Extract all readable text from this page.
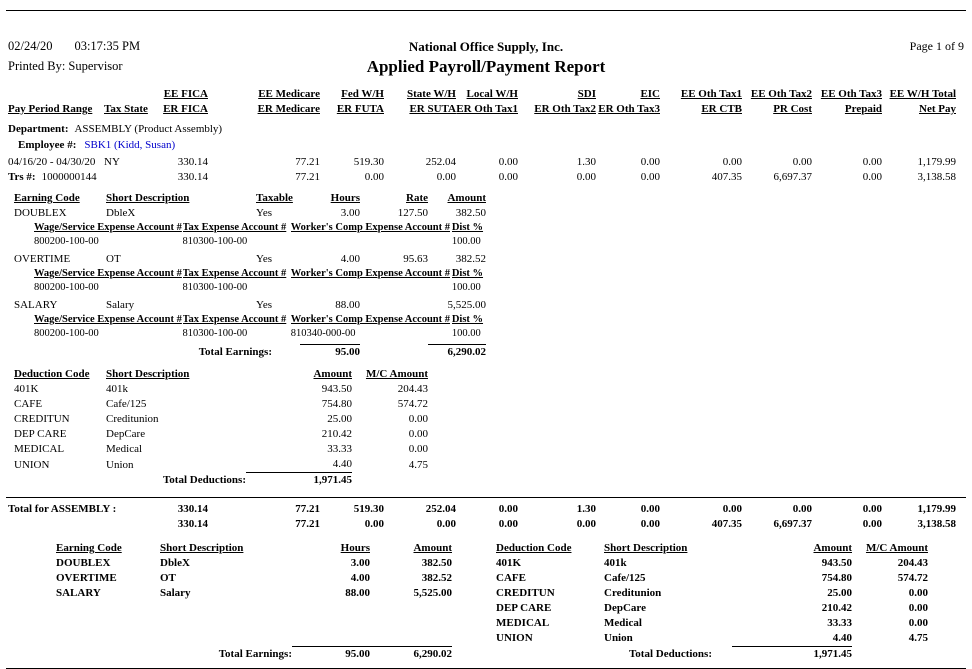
02/24/20 03:17:35 PM
Printed By: Supervisor
National Office Supply, Inc.
Applied Payroll/Payment Report
Page 1 of 9
		EE FICA	EE Medicare	Fed W/H	State W/H	Local W/H	SDI	EIC	EE Oth Tax1	EE Oth Tax2	EE Oth Tax3	EE W/H Total
Pay Period Range	Tax State	ER FICA	ER Medicare	ER FUTA	ER SUTA	ER Oth Tax1	ER Oth Tax2	ER Oth Tax3	ER CTB	PR Cost	Prepaid	Net Pay
Department: ASSEMBLY (Product Assembly)
Employee #: SBK1 (Kidd, Susan)
04/16/20 - 04/30/20	NY	330.14	77.21	519.30	252.04	0.00	1.30	0.00	0.00	0.00	0.00	1,179.99
Trs #: 1000000144		330.14	77.21	0.00	0.00	0.00	0.00	0.00	407.35	6,697.37	0.00	3,138.58
Earning Code	Short Description	Taxable	Hours	Rate	Amount
DOUBLEX	DbleX	Yes	3.00	127.50	382.50

Wage/Service Expense Account #	Tax Expense Account #	Worker's Comp Expense Account #	Dist %
800200-100-00	810300-100-00		100.00

OVERTIME	OT	Yes	4.00	95.63	382.52

Wage/Service Expense Account #	Tax Expense Account #	Worker's Comp Expense Account #	Dist %
800200-100-00	810300-100-00		100.00

SALARY	Salary	Yes	88.00		5,525.00

Wage/Service Expense Account #	Tax Expense Account #	Worker's Comp Expense Account #	Dist %
800200-100-00	810300-100-00	810340-000-00	100.00

Total Earnings:	95.00		6,290.02
Deduction Code	Short Description	Amount	M/C Amount
401K	401k	943.50	204.43
CAFE	Cafe/125	754.80	574.72
CREDITUN	Creditunion	25.00	0.00
DEP CARE	DepCare	210.42	0.00
MEDICAL	Medical	33.33	0.00
UNION	Union	4.40	4.75
Total Deductions:		1,971.45	
Total for ASSEMBLY :	330.14	77.21	519.30	252.04	0.00	1.30	0.00	0.00	0.00	0.00	1,179.99
	330.14	77.21	0.00	0.00	0.00	0.00	0.00	407.35	6,697.37	0.00	3,138.58
Earning Code	Short Description	Hours	Amount
DOUBLEX	DbleX	3.00	382.50
OVERTIME	OT	4.00	382.52
SALARY	Salary	88.00	5,525.00
Total Earnings:	95.00	6,290.02
Deduction Code	Short Description	Amount	M/C Amount
401K	401k	943.50	204.43
CAFE	Cafe/125	754.80	574.72
CREDITUN	Creditunion	25.00	0.00
DEP CARE	DepCare	210.42	0.00
MEDICAL	Medical	33.33	0.00
UNION	Union	4.40	4.75
Total Deductions:	1,971.45	
